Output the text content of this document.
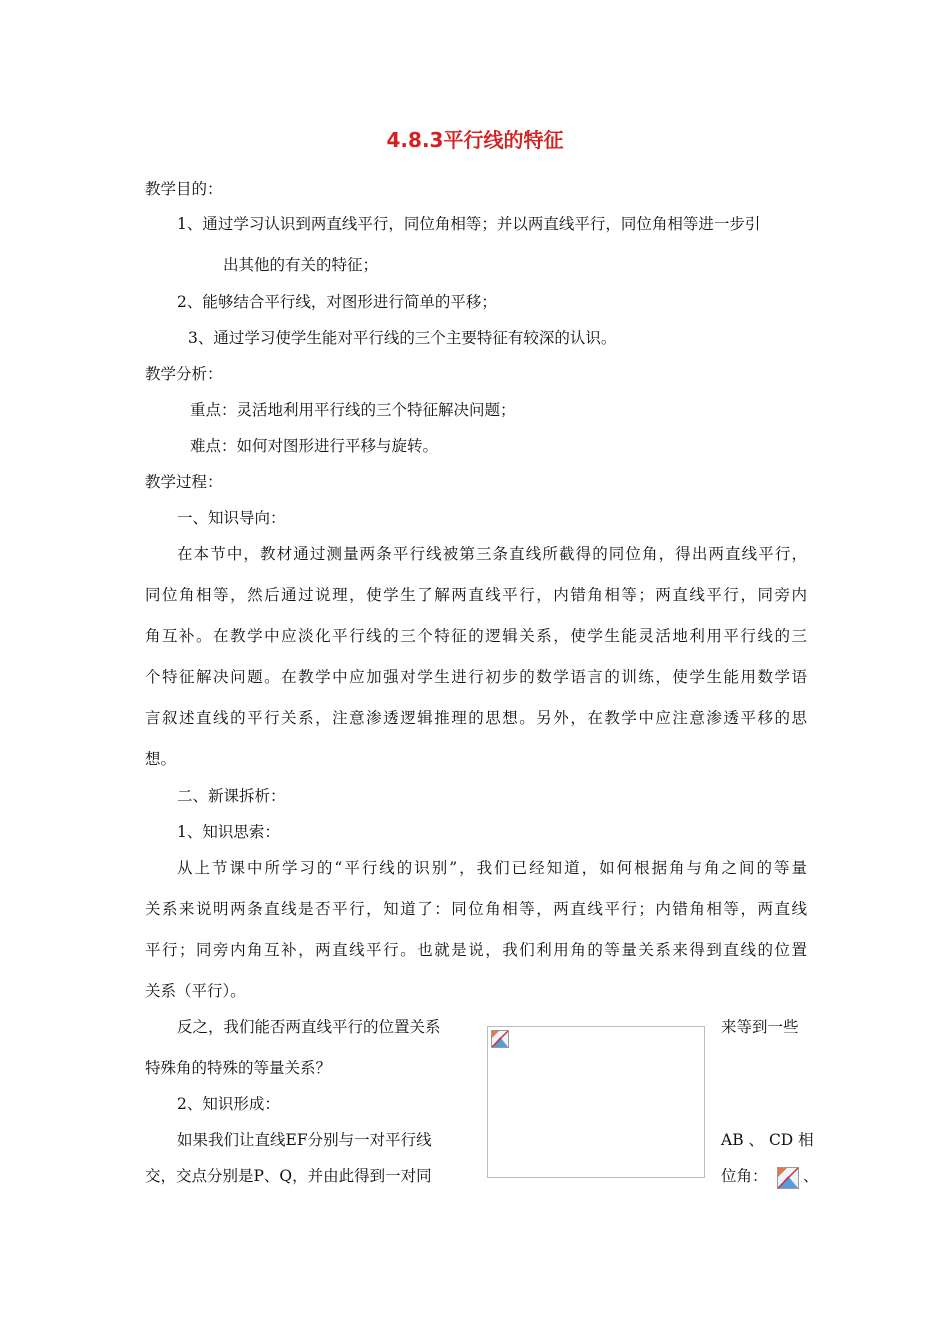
4.8.3平行线的特征
教学目的：
1、通过学习认识到两直线平行，同位角相等；并以两直线平行，同位角相等进一步引
出其他的有关的特征；
2、能够结合平行线，对图形进行简单的平移；
3、通过学习使学生能对平行线的三个主要特征有较深的认识。
教学分析：
重点：灵活地利用平行线的三个特征解决问题；
难点：如何对图形进行平移与旋转。
教学过程：
一、知识导向：
在本节中，教材通过测量两条平行线被第三条直线所截得的同位角，得出两直线平行，
同位角相等，然后通过说理，使学生了解两直线平行，内错角相等；两直线平行，同旁内
角互补。在教学中应淡化平行线的三个特征的逻辑关系，使学生能灵活地利用平行线的三
个特征解决问题。在教学中应加强对学生进行初步的数学语言的训练，使学生能用数学语
言叙述直线的平行关系，注意渗透逻辑推理的思想。另外，在教学中应注意渗透平移的思
想。
二、新课拆析：
1、知识思索：
从上节课中所学习的“平行线的识别”，我们已经知道，如何根据角与角之间的等量
关系来说明两条直线是否平行，知道了：同位角相等，两直线平行；内错角相等，两直线
平行；同旁内角互补，两直线平行。也就是说，我们利用角的等量关系来得到直线的位置
关系（平行）。
反之，我们能否两直线平行的位置关系	来等到一些
特殊角的特殊的等量关系？
2、知识形成：
如果我们让直线EF分别与一对平行线	AB 、 CD 相
交，交点分别是P、Q，并由此得到一对同	位角： 、
